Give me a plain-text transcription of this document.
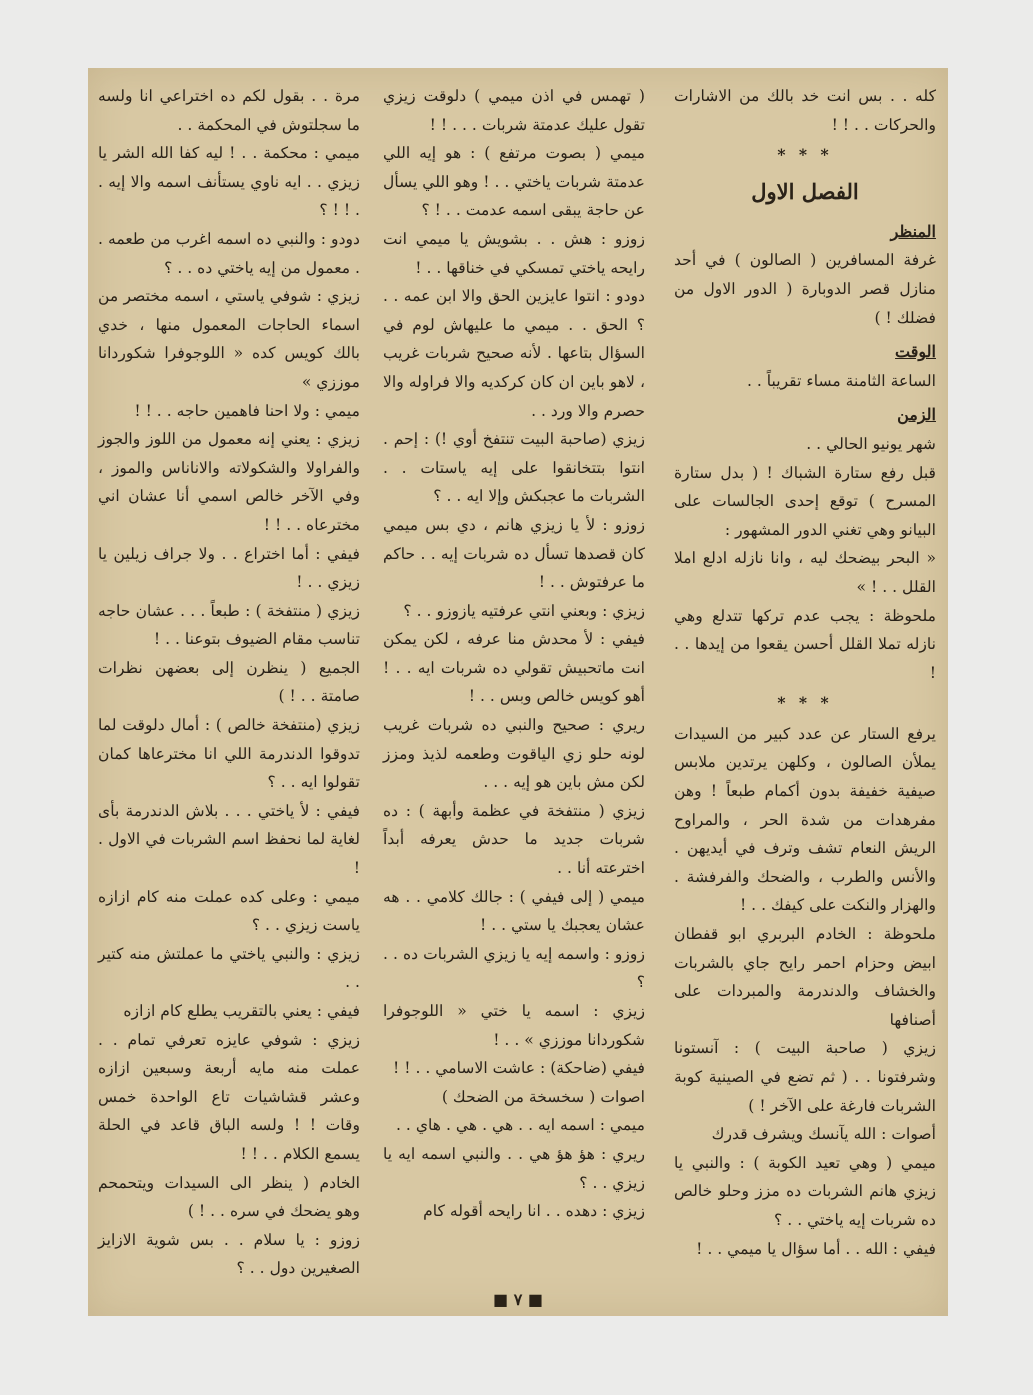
كله . . بس انت خد بالك من الاشارات والحركات . . ! !

* * *

الفصل الاول

المنظر

غرفة المسافرين ( الصالون ) في أحد منازل قصر الدوبارة ( الدور الاول من فضلك ! )

الوقت

الساعة الثامنة مساء تقريباً . .

الزمن

شهر يونيو الحالي . .

قبل رفع ستارة الشباك ! ( بدل ستارة المسرح ) توقع إحدى الجالسات على البيانو وهي تغني الدور المشهور :

« البحر بيضحك ليه ، وانا نازله ادلع املا القلل . . ! »

ملحوظة : يجب عدم تركها تتدلع وهي نازله تملا القلل أحسن يقعوا من إيدها . . !

* * *

يرفع الستار عن عدد كبير من السيدات يملأن الصالون ، وكلهن يرتدين ملابس صيفية خفيفة بدون أكمام طبعاً ! وهن مفرهدات من شدة الحر ، والمراوح الريش النعام تشف وترف في أيديهن . والأنس والطرب ، والضحك والفرفشة . والهزار والنكت على كيفك . . !

ملحوظة : الخادم البربري ابو قفطان ابيض وحزام احمر رايح جاي بالشربات والخشاف والدندرمة والمبردات على أصنافها

زيزي ( صاحبة البيت ) : آنستونا وشرفتونا . . ( ثم تضع في الصينية كوبة الشربات فارغة على الآخر ! )

أصوات : الله يآنسك ويشرف قدرك

ميمي ( وهي تعيد الكوبة ) : والنبي يا زيزي هانم الشربات ده مزز وحلو خالص ده شربات إيه ياختي . . ؟

فيفي : الله . . أما سؤال يا ميمي . . !

( تهمس في اذن ميمي ) دلوقت زيزي تقول عليك عدمتة شربات . . . ! !

ميمي ( بصوت مرتفع ) : هو إيه اللي عدمتة شربات ياختي . . ! وهو اللي يسأل عن حاجة يبقى اسمه عدمت . . ! ؟

زوزو : هش . . بشويش يا ميمي انت رايحه ياختي تمسكي في خناقها . . !

دودو : انتوا عايزين الحق والا ابن عمه . . ؟ الحق . . ميمي ما عليهاش لوم في السؤال بتاعها . لأنه صحيح شربات غريب ، لاهو باين ان كان كركديه والا فراوله والا حصرم والا ورد . .

زيزي (صاحبة البيت تنتفخ أوي !) : إحم . انتوا بتتخانقوا على إيه ياستات . . الشربات ما عجبكش وإلا ايه . . ؟

زوزو : لأ يا زيزي هانم ، دي بس ميمي كان قصدها تسأل ده شربات إيه . . حاكم ما عرفتوش . . !

زيزي : وبعني انتي عرفتيه يازوزو . . ؟

فيفي : لأ محدش منا عرفه ، لكن يمكن انت ماتحبيش تقولي ده شربات ايه . . ! أهو كويس خالص وبس . . !

ريري : صحيح والنبي ده شربات غريب لونه حلو زي الياقوت وطعمه لذيذ ومزز لكن مش باين هو إيه . . .

زيزي ( منتفخة في عظمة وأبهة ) : ده شربات جديد ما حدش يعرفه أبداً اخترعته أنا . .

ميمي ( إلى فيفي ) : جالك كلامي . . هه عشان يعجبك يا ستي . . !

زوزو : واسمه إيه يا زيزي الشربات ده . . ؟

زيزي : اسمه يا ختي « اللوجوفرا شكوردانا موززي » . . !

فيفي (ضاحكة) : عاشت الاسامي . . ! !

اصوات ( سخسخة من الضحك )

ميمي : اسمه ايه . . هي . هي . هاي . .

ريري : هؤ هؤ هي . . والنبي اسمه ايه يا زيزي . . ؟

زيزي : دهده . . انا رايحه أقوله كام

مرة . . بقول لكم ده اختراعي انا ولسه ما سجلتوش في المحكمة . .

ميمي : محكمة . . ! ليه كفا الله الشر يا زيزي . . ايه ناوي يستأنف اسمه والا إيه . . ! ! ؟

دودو : والنبي ده اسمه اغرب من طعمه . . معمول من إيه ياختي ده . . ؟

زيزي : شوفي ياستي ، اسمه مختصر من اسماء الحاجات المعمول منها ، خدي بالك كويس كده « اللوجوفرا شكوردانا موززي »

ميمي : ولا احنا فاهمين حاجه . . ! !

زيزي : يعني إنه معمول من اللوز والجوز والفراولا والشكولاته والاناناس والموز ، وفي الآخر خالص اسمي أنا عشان اني مخترعاه . . ! !

فيفي : أما اختراع . . ولا جراف زيلين يا زيزي . . !

زيزي ( منتفخة ) : طبعاً . . . عشان حاجه تناسب مقام الضيوف بتوعنا . . !

الجميع ( ينظرن إلى بعضهن نظرات صامتة . . ! )

زيزي (منتفخة خالص ) : أمال دلوقت لما تدوقوا الدندرمة اللي انا مخترعاها كمان تقولوا ايه . . ؟

فيفي : لأ ياختي . . . بلاش الدندرمة بأى لغاية لما نحفظ اسم الشربات في الاول . !

ميمي : وعلى كده عملت منه كام ازازه ياست زيزي . . ؟

زيزي : والنبي ياختي ما عملتش منه كتير . .

فيفي : يعني بالتقريب يطلع كام ازازه

زيزي : شوفي عايزه تعرفي تمام . . عملت منه مايه أربعة وسبعين ازازه وعشر قشاشيات تاع الواحدة خمس وقات ! ! ولسه الباق قاعد في الحلة يسمع الكلام . . ! !

الخادم ( ينظر الى السيدات ويتحمحم وهو يضحك في سره . . ! )

زوزو : يا سلام . . بس شوية الازايز الصغيرين دول . . ؟

■ ٧ ■
